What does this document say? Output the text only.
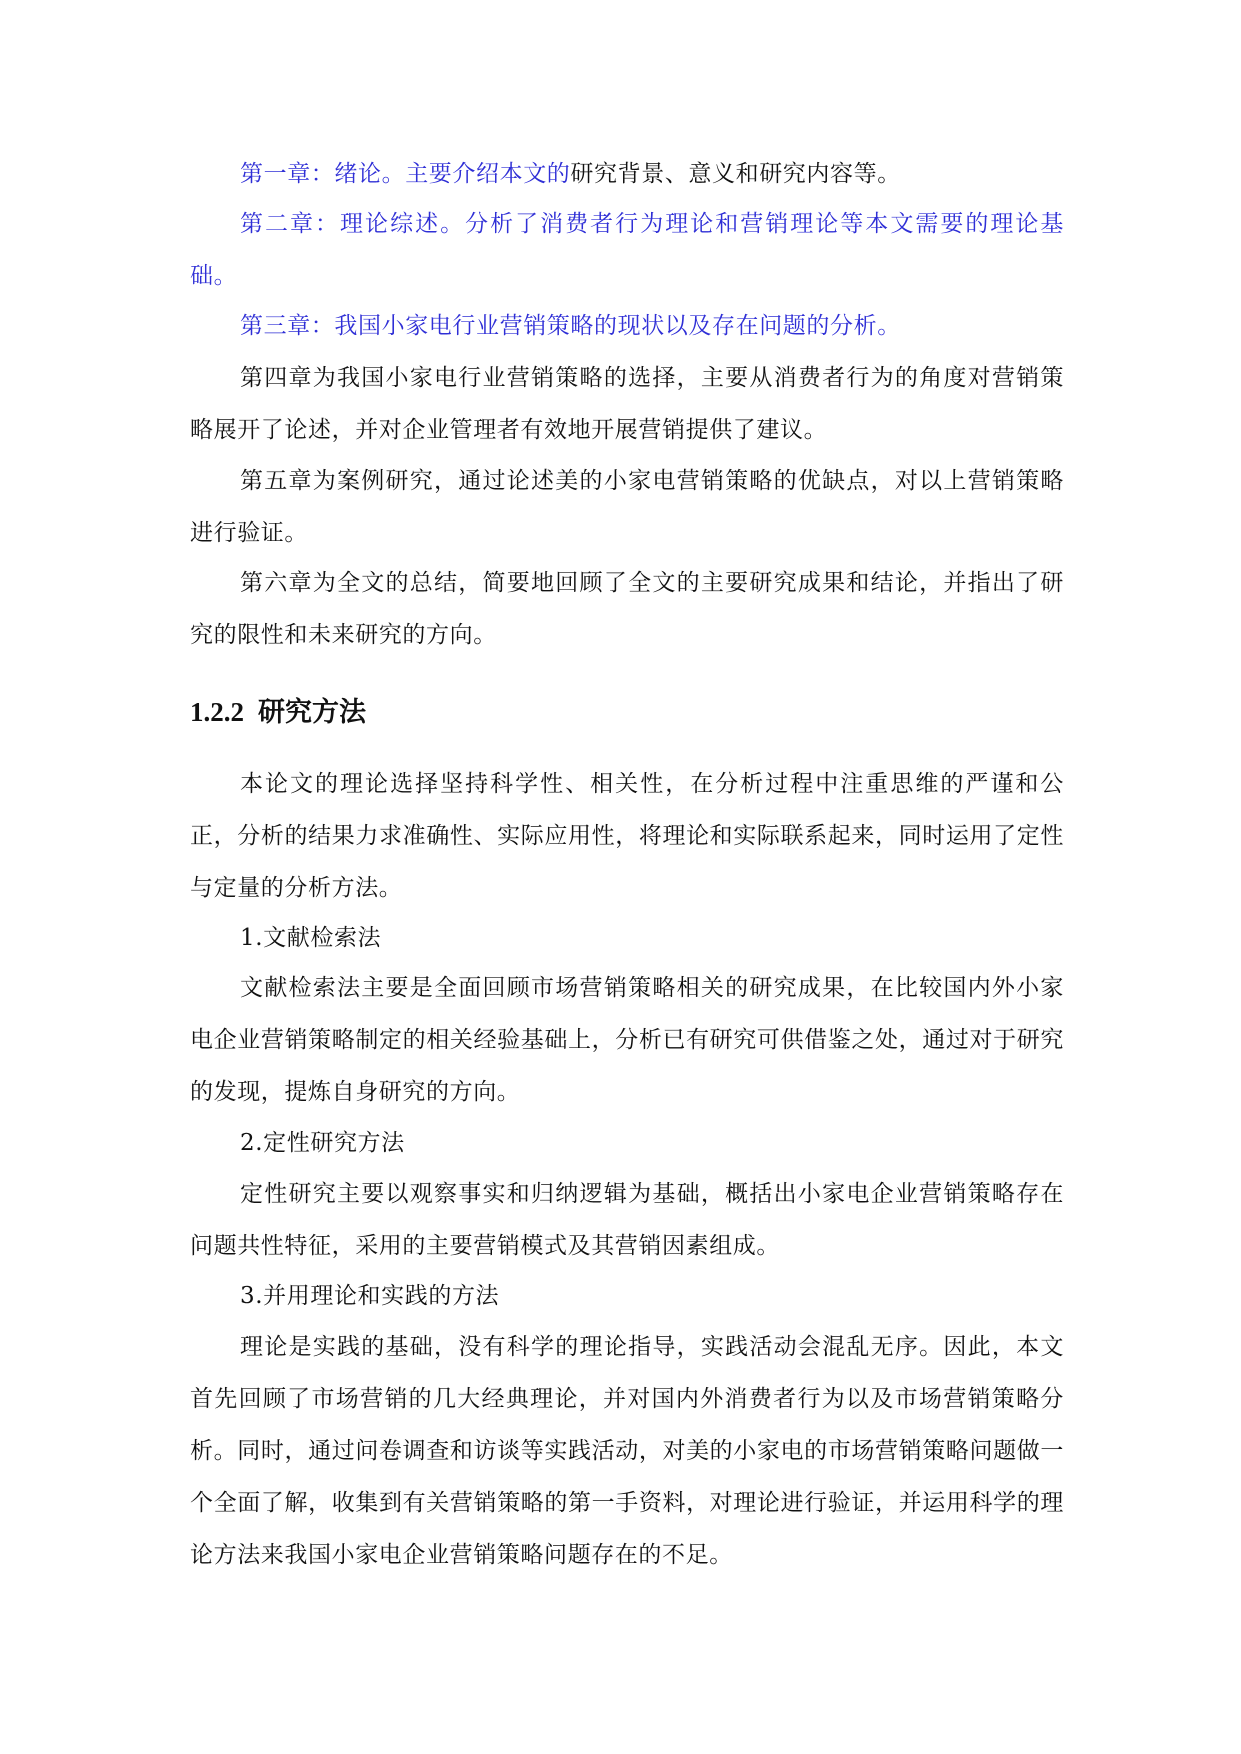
第一章：绪论。主要介绍本文的研究背景、意义和研究内容等。

第二章：理论综述。分析了消费者行为理论和营销理论等本文需要的理论基础。

第三章：我国小家电行业营销策略的现状以及存在问题的分析。

第四章为我国小家电行业营销策略的选择，主要从消费者行为的角度对营销策略展开了论述，并对企业管理者有效地开展营销提供了建议。

第五章为案例研究，通过论述美的小家电营销策略的优缺点，对以上营销策略进行验证。

第六章为全文的总结，简要地回顾了全文的主要研究成果和结论，并指出了研究的限性和未来研究的方向。

1.2.2 研究方法

本论文的理论选择坚持科学性、相关性，在分析过程中注重思维的严谨和公正，分析的结果力求准确性、实际应用性，将理论和实际联系起来，同时运用了定性与定量的分析方法。

1.文献检索法

文献检索法主要是全面回顾市场营销策略相关的研究成果，在比较国内外小家电企业营销策略制定的相关经验基础上，分析已有研究可供借鉴之处，通过对于研究的发现，提炼自身研究的方向。

2.定性研究方法

定性研究主要以观察事实和归纳逻辑为基础，概括出小家电企业营销策略存在问题共性特征，采用的主要营销模式及其营销因素组成。

3.并用理论和实践的方法

理论是实践的基础，没有科学的理论指导，实践活动会混乱无序。因此，本文首先回顾了市场营销的几大经典理论，并对国内外消费者行为以及市场营销策略分析。同时，通过问卷调查和访谈等实践活动，对美的小家电的市场营销策略问题做一个全面了解，收集到有关营销策略的第一手资料，对理论进行验证，并运用科学的理论方法来我国小家电企业营销策略问题存在的不足。
